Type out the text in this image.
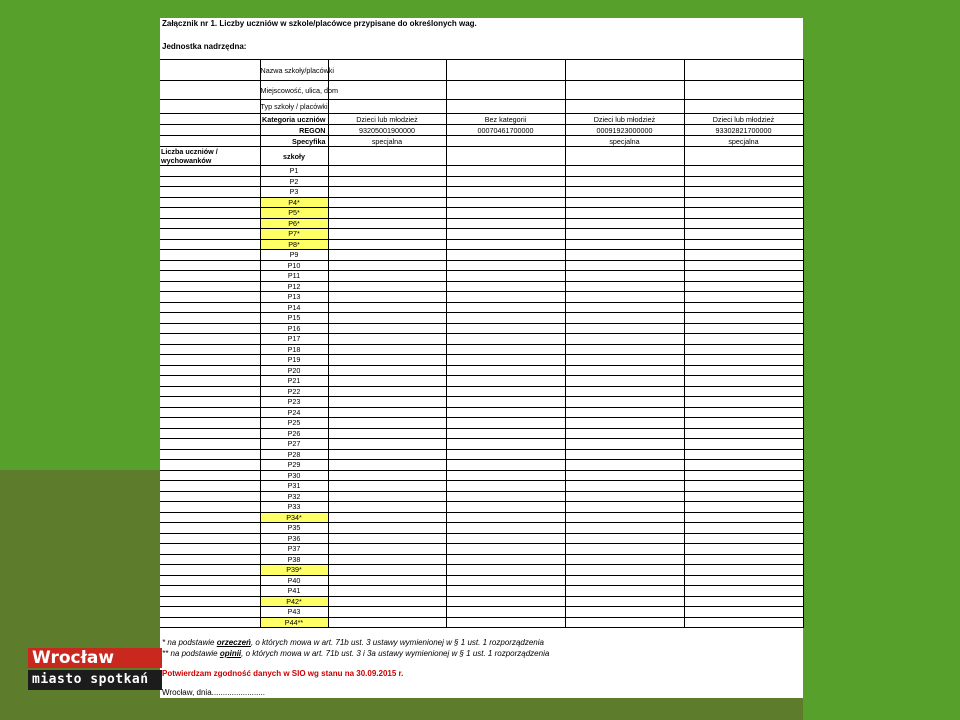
Załącznik nr 1. Liczby uczniów w szkole/placówce przypisane do określonych wag.
Jednostka nadrzędna:
	Nazwa szkoły/placówki				
	Miejscowość, ulica, dom				
	Typ szkoły / placówki				
	Kategoria uczniów	Dzieci lub młodzież	Bez kategorii	Dzieci lub młodzież	Dzieci lub młodzież
	REGON	93205001900000	00070461700000	00091923000000	93302821700000
	Specyfika	specjalna		specjalna	specjalna
Liczba uczniów /
wychowanków	szkoły				
	P1				
	P2				
	P3				
	P4*				
	P5*				
	P6*				
	P7*				
	P8*				
	P9				
	P10				
	P11				
	P12				
	P13				
	P14				
	P15				
	P16				
	P17				
	P18				
	P19				
	P20				
	P21				
	P22				
	P23				
	P24				
	P25				
	P26				
	P27				
	P28				
	P29				
	P30				
	P31				
	P32				
	P33				
	P34*				
	P35				
	P36				
	P37				
	P38				
	P39*				
	P40				
	P41				
	P42*				
	P43				
	P44**				
* na podstawie orzeczeń, o których mowa w art. 71b ust. 3 ustawy wymienionej w § 1 ust. 1 rozporządzenia
** na podstawie opinii, o których mowa w art. 71b ust. 3 i 3a ustawy wymienionej w § 1 ust. 1 rozporządzenia
Potwierdzam zgodność danych w SIO wg stanu na 30.09.2015 r.
Wrocław, dnia........................
Wrocław
miasto spotkań
